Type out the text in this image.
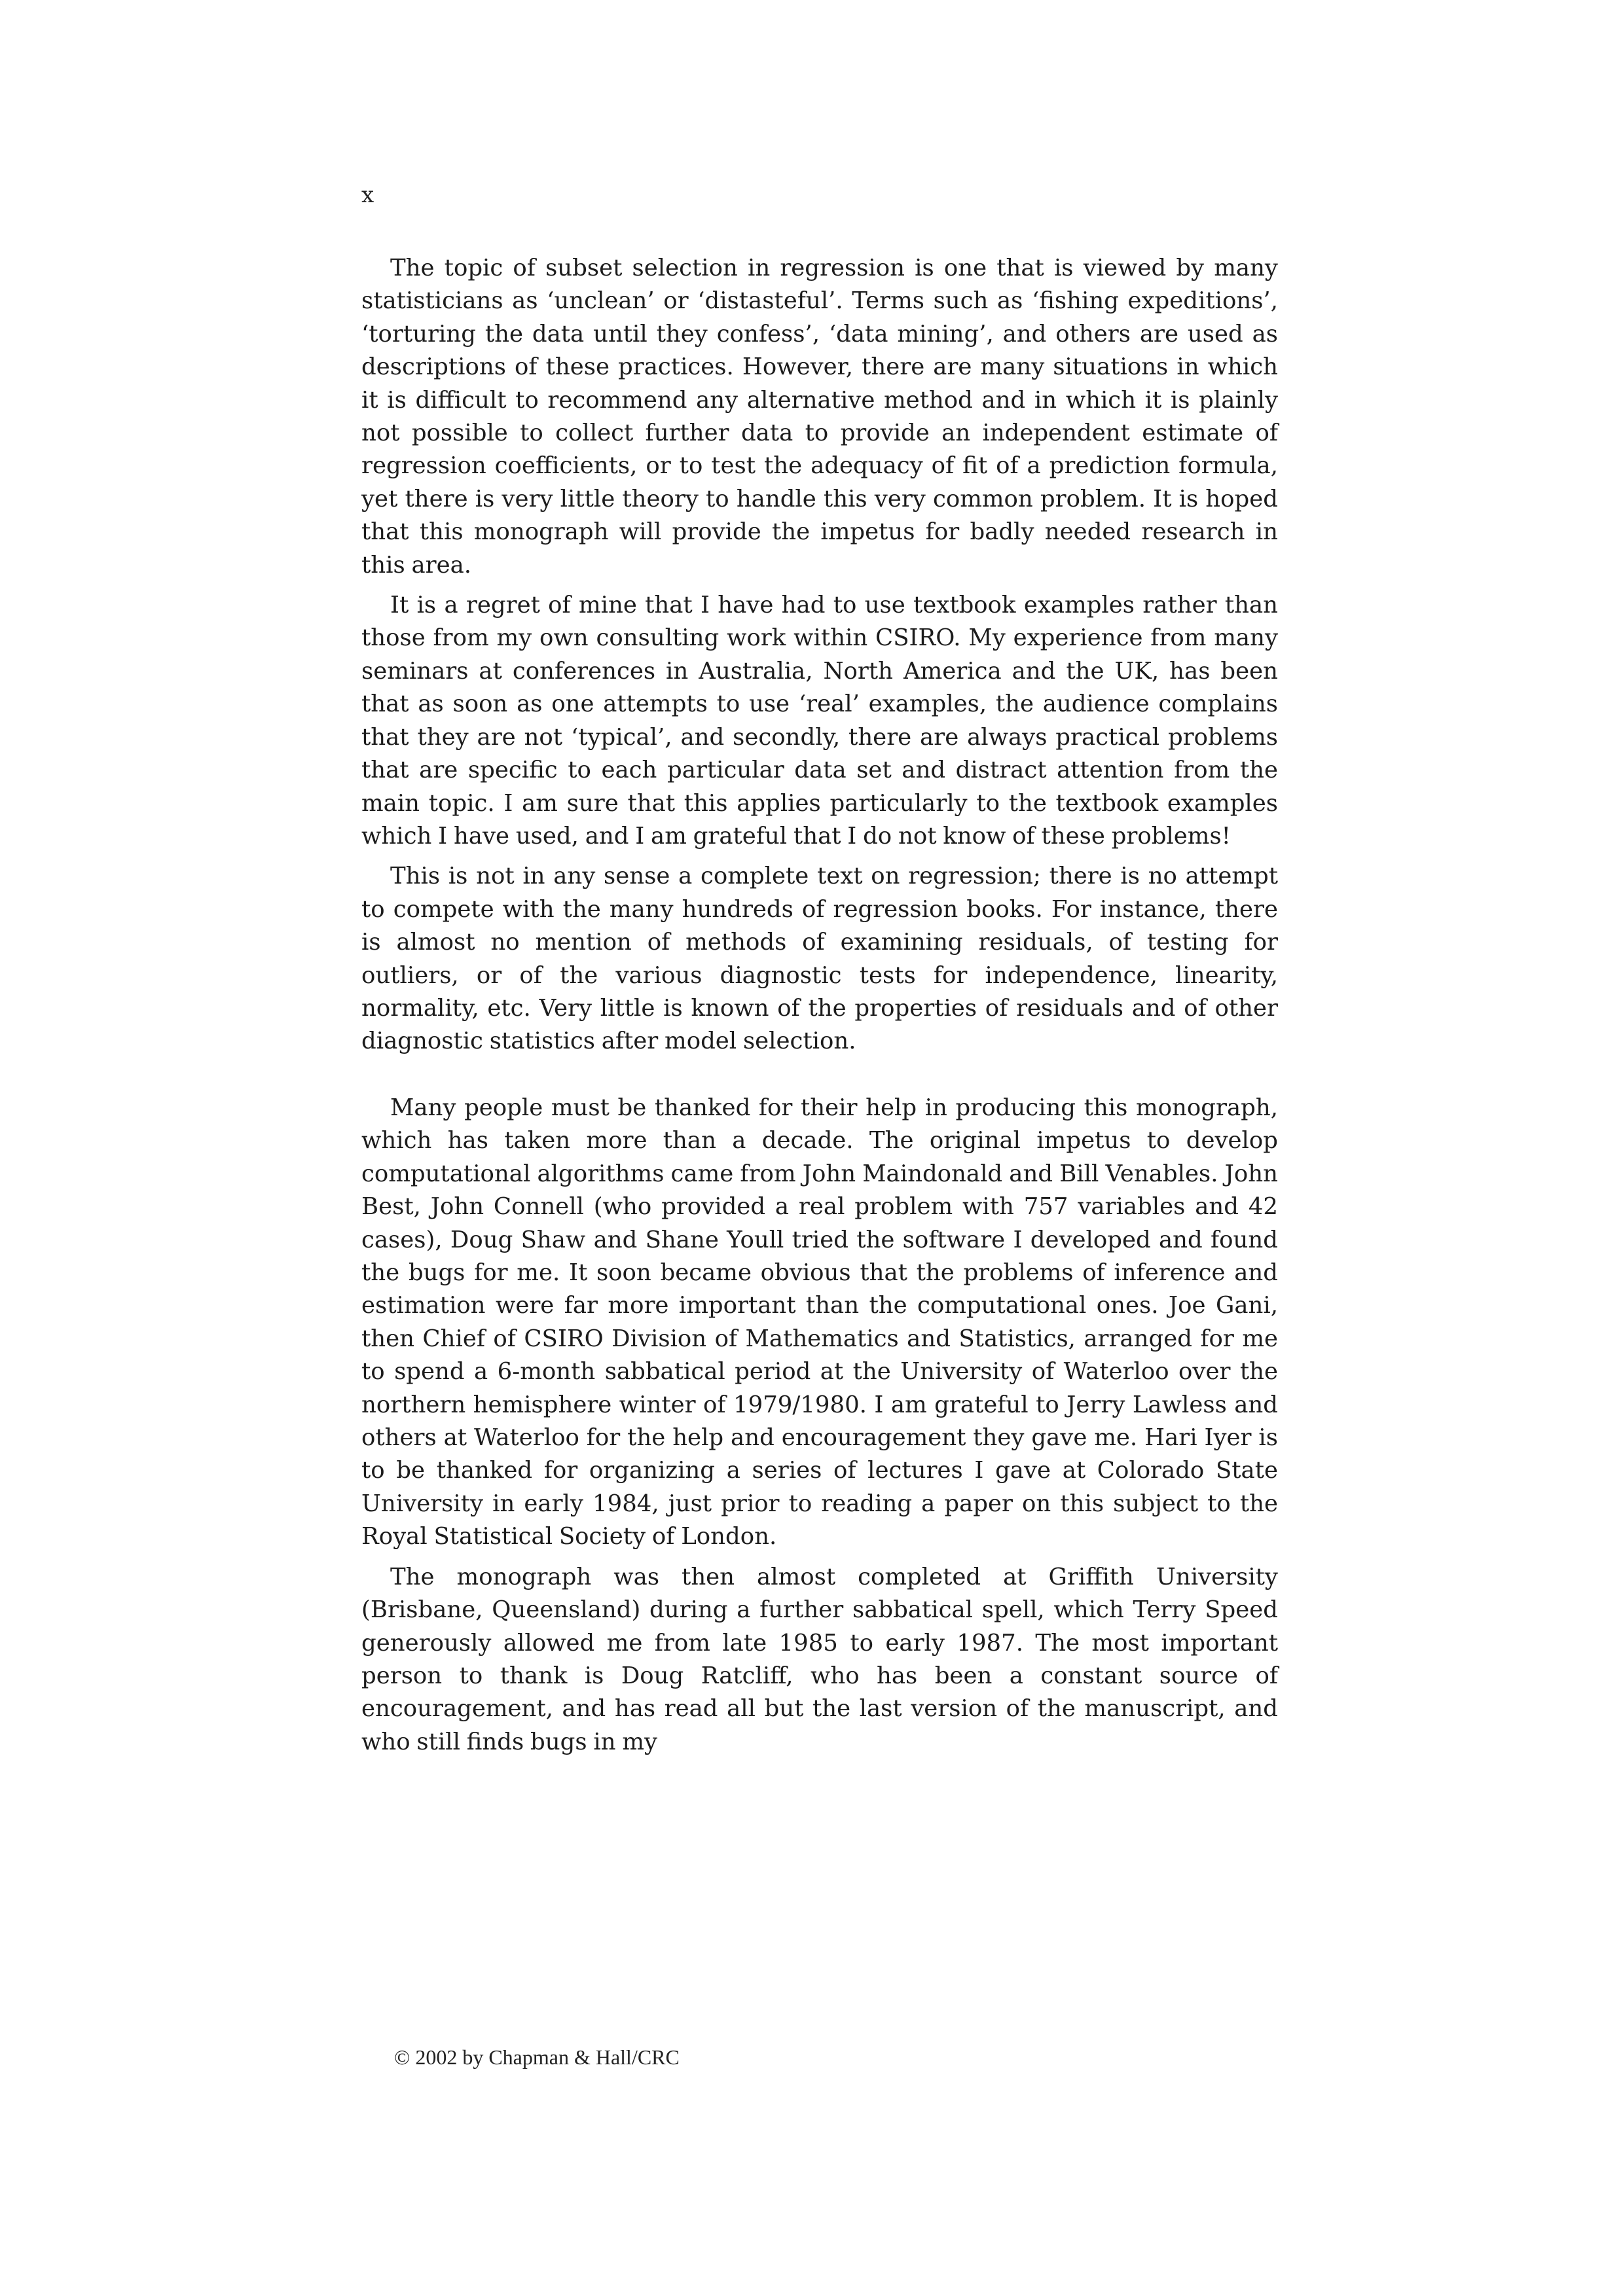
x

The topic of subset selection in regression is one that is viewed by many statisticians as ‘unclean’ or ‘distasteful’. Terms such as ‘fishing expeditions’, ‘torturing the data until they confess’, ‘data mining’, and others are used as descriptions of these practices. However, there are many situations in which it is difficult to recommend any alternative method and in which it is plainly not possible to collect further data to provide an independent estimate of regression coefficients, or to test the adequacy of fit of a prediction formula, yet there is very little theory to handle this very common problem. It is hoped that this monograph will provide the impetus for badly needed research in this area.

It is a regret of mine that I have had to use textbook examples rather than those from my own consulting work within CSIRO. My experience from many seminars at conferences in Australia, North America and the UK, has been that as soon as one attempts to use ‘real’ examples, the audience complains that they are not ‘typical’, and secondly, there are always practical problems that are specific to each particular data set and distract attention from the main topic. I am sure that this applies particularly to the textbook examples which I have used, and I am grateful that I do not know of these problems!

This is not in any sense a complete text on regression; there is no attempt to compete with the many hundreds of regression books. For instance, there is almost no mention of methods of examining residuals, of testing for outliers, or of the various diagnostic tests for independence, linearity, normality, etc. Very little is known of the properties of residuals and of other diagnostic statistics after model selection.

Many people must be thanked for their help in producing this monograph, which has taken more than a decade. The original impetus to develop computational algorithms came from John Maindonald and Bill Venables. John Best, John Connell (who provided a real problem with 757 variables and 42 cases), Doug Shaw and Shane Youll tried the software I developed and found the bugs for me. It soon became obvious that the problems of inference and estimation were far more important than the computational ones. Joe Gani, then Chief of CSIRO Division of Mathematics and Statistics, arranged for me to spend a 6-month sabbatical period at the University of Waterloo over the northern hemisphere winter of 1979/1980. I am grateful to Jerry Lawless and others at Waterloo for the help and encouragement they gave me. Hari Iyer is to be thanked for organizing a series of lectures I gave at Colorado State University in early 1984, just prior to reading a paper on this subject to the Royal Statistical Society of London.

The monograph was then almost completed at Griffith University (Brisbane, Queensland) during a further sabbatical spell, which Terry Speed generously allowed me from late 1985 to early 1987. The most important person to thank is Doug Ratcliff, who has been a constant source of encouragement, and has read all but the last version of the manuscript, and who still finds bugs in my

© 2002 by Chapman & Hall/CRC
